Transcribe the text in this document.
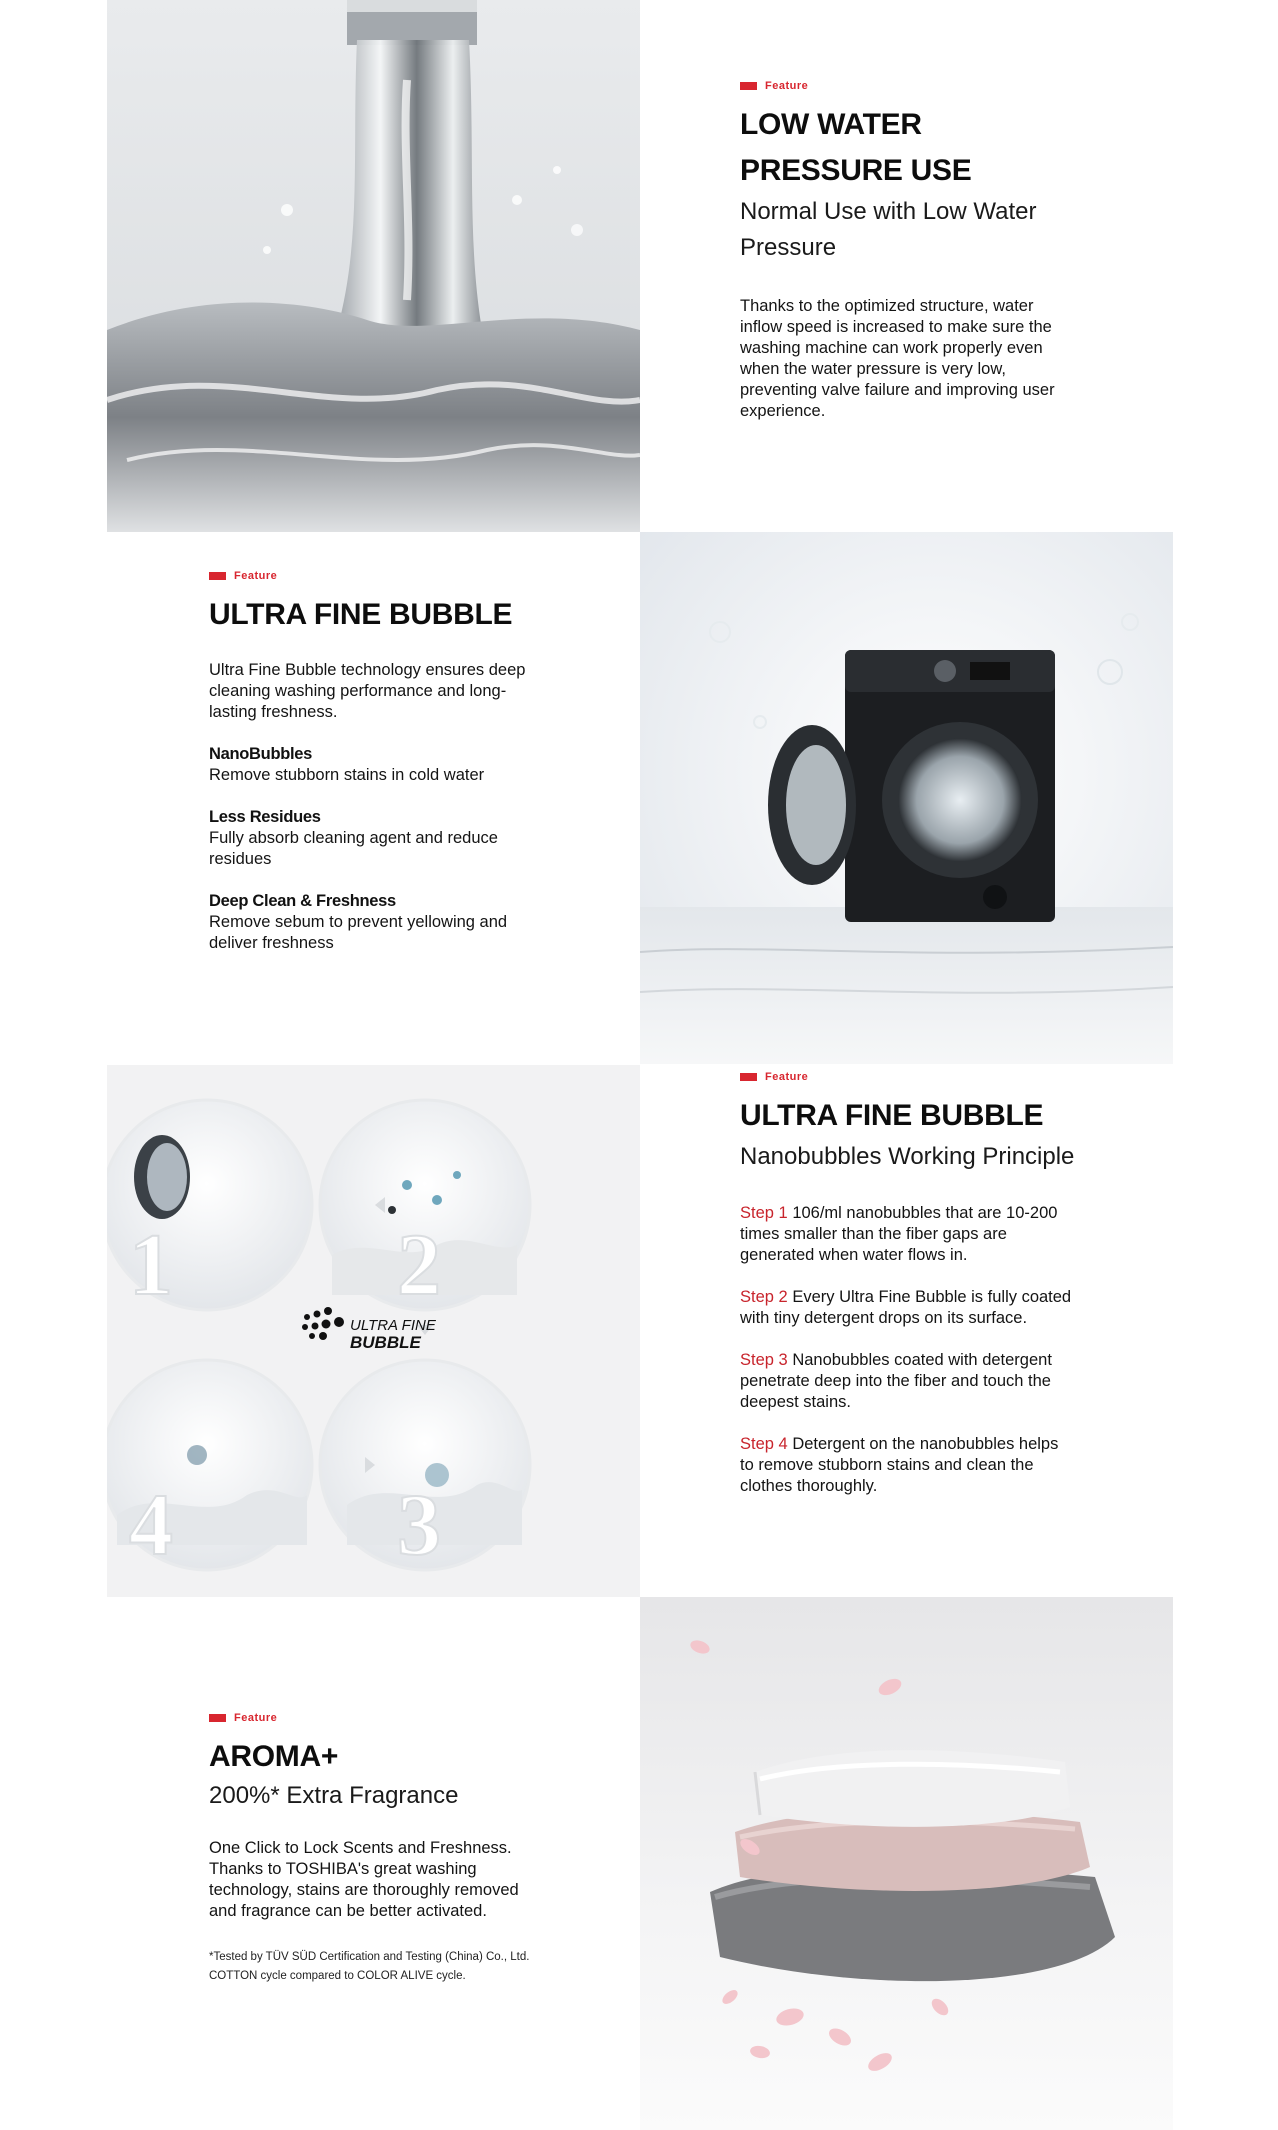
Feature
LOW WATER PRESSURE USE
Normal Use with Low Water Pressure

Thanks to the optimized structure, water inflow speed is increased to make sure the washing machine can work properly even when the water pressure is very low, preventing valve failure and improving user experience.

Feature
ULTRA FINE BUBBLE

Ultra Fine Bubble technology ensures deep cleaning washing performance and long-lasting freshness.

NanoBubbles
Remove stubborn stains in cold water
Less Residues
Fully absorb cleaning agent and reduce residues
Deep Clean & Freshness
Remove sebum to prevent yellowing and deliver freshness
1	2
3
4
ULTRA FINE
BUBBLE
Feature
ULTRA FINE BUBBLE
Nanobubbles Working Principle

Step 1 106/ml nanobubbles that are 10-200 times smaller than the fiber gaps are generated when water flows in.

Step 2 Every Ultra Fine Bubble is fully coated with tiny detergent drops on its surface.

Step 3 Nanobubbles coated with detergent penetrate deep into the fiber and touch the deepest stains.

Step 4 Detergent on the nanobubbles helps to remove stubborn stains and clean the clothes thoroughly.

Feature
AROMA+
200%* Extra Fragrance

One Click to Lock Scents and Freshness. Thanks to TOSHIBA's great washing technology, stains are thoroughly removed and fragrance can be better activated.

*Tested by TÜV SÜD Certification and Testing (China) Co., Ltd. COTTON cycle compared to COLOR ALIVE cycle.
